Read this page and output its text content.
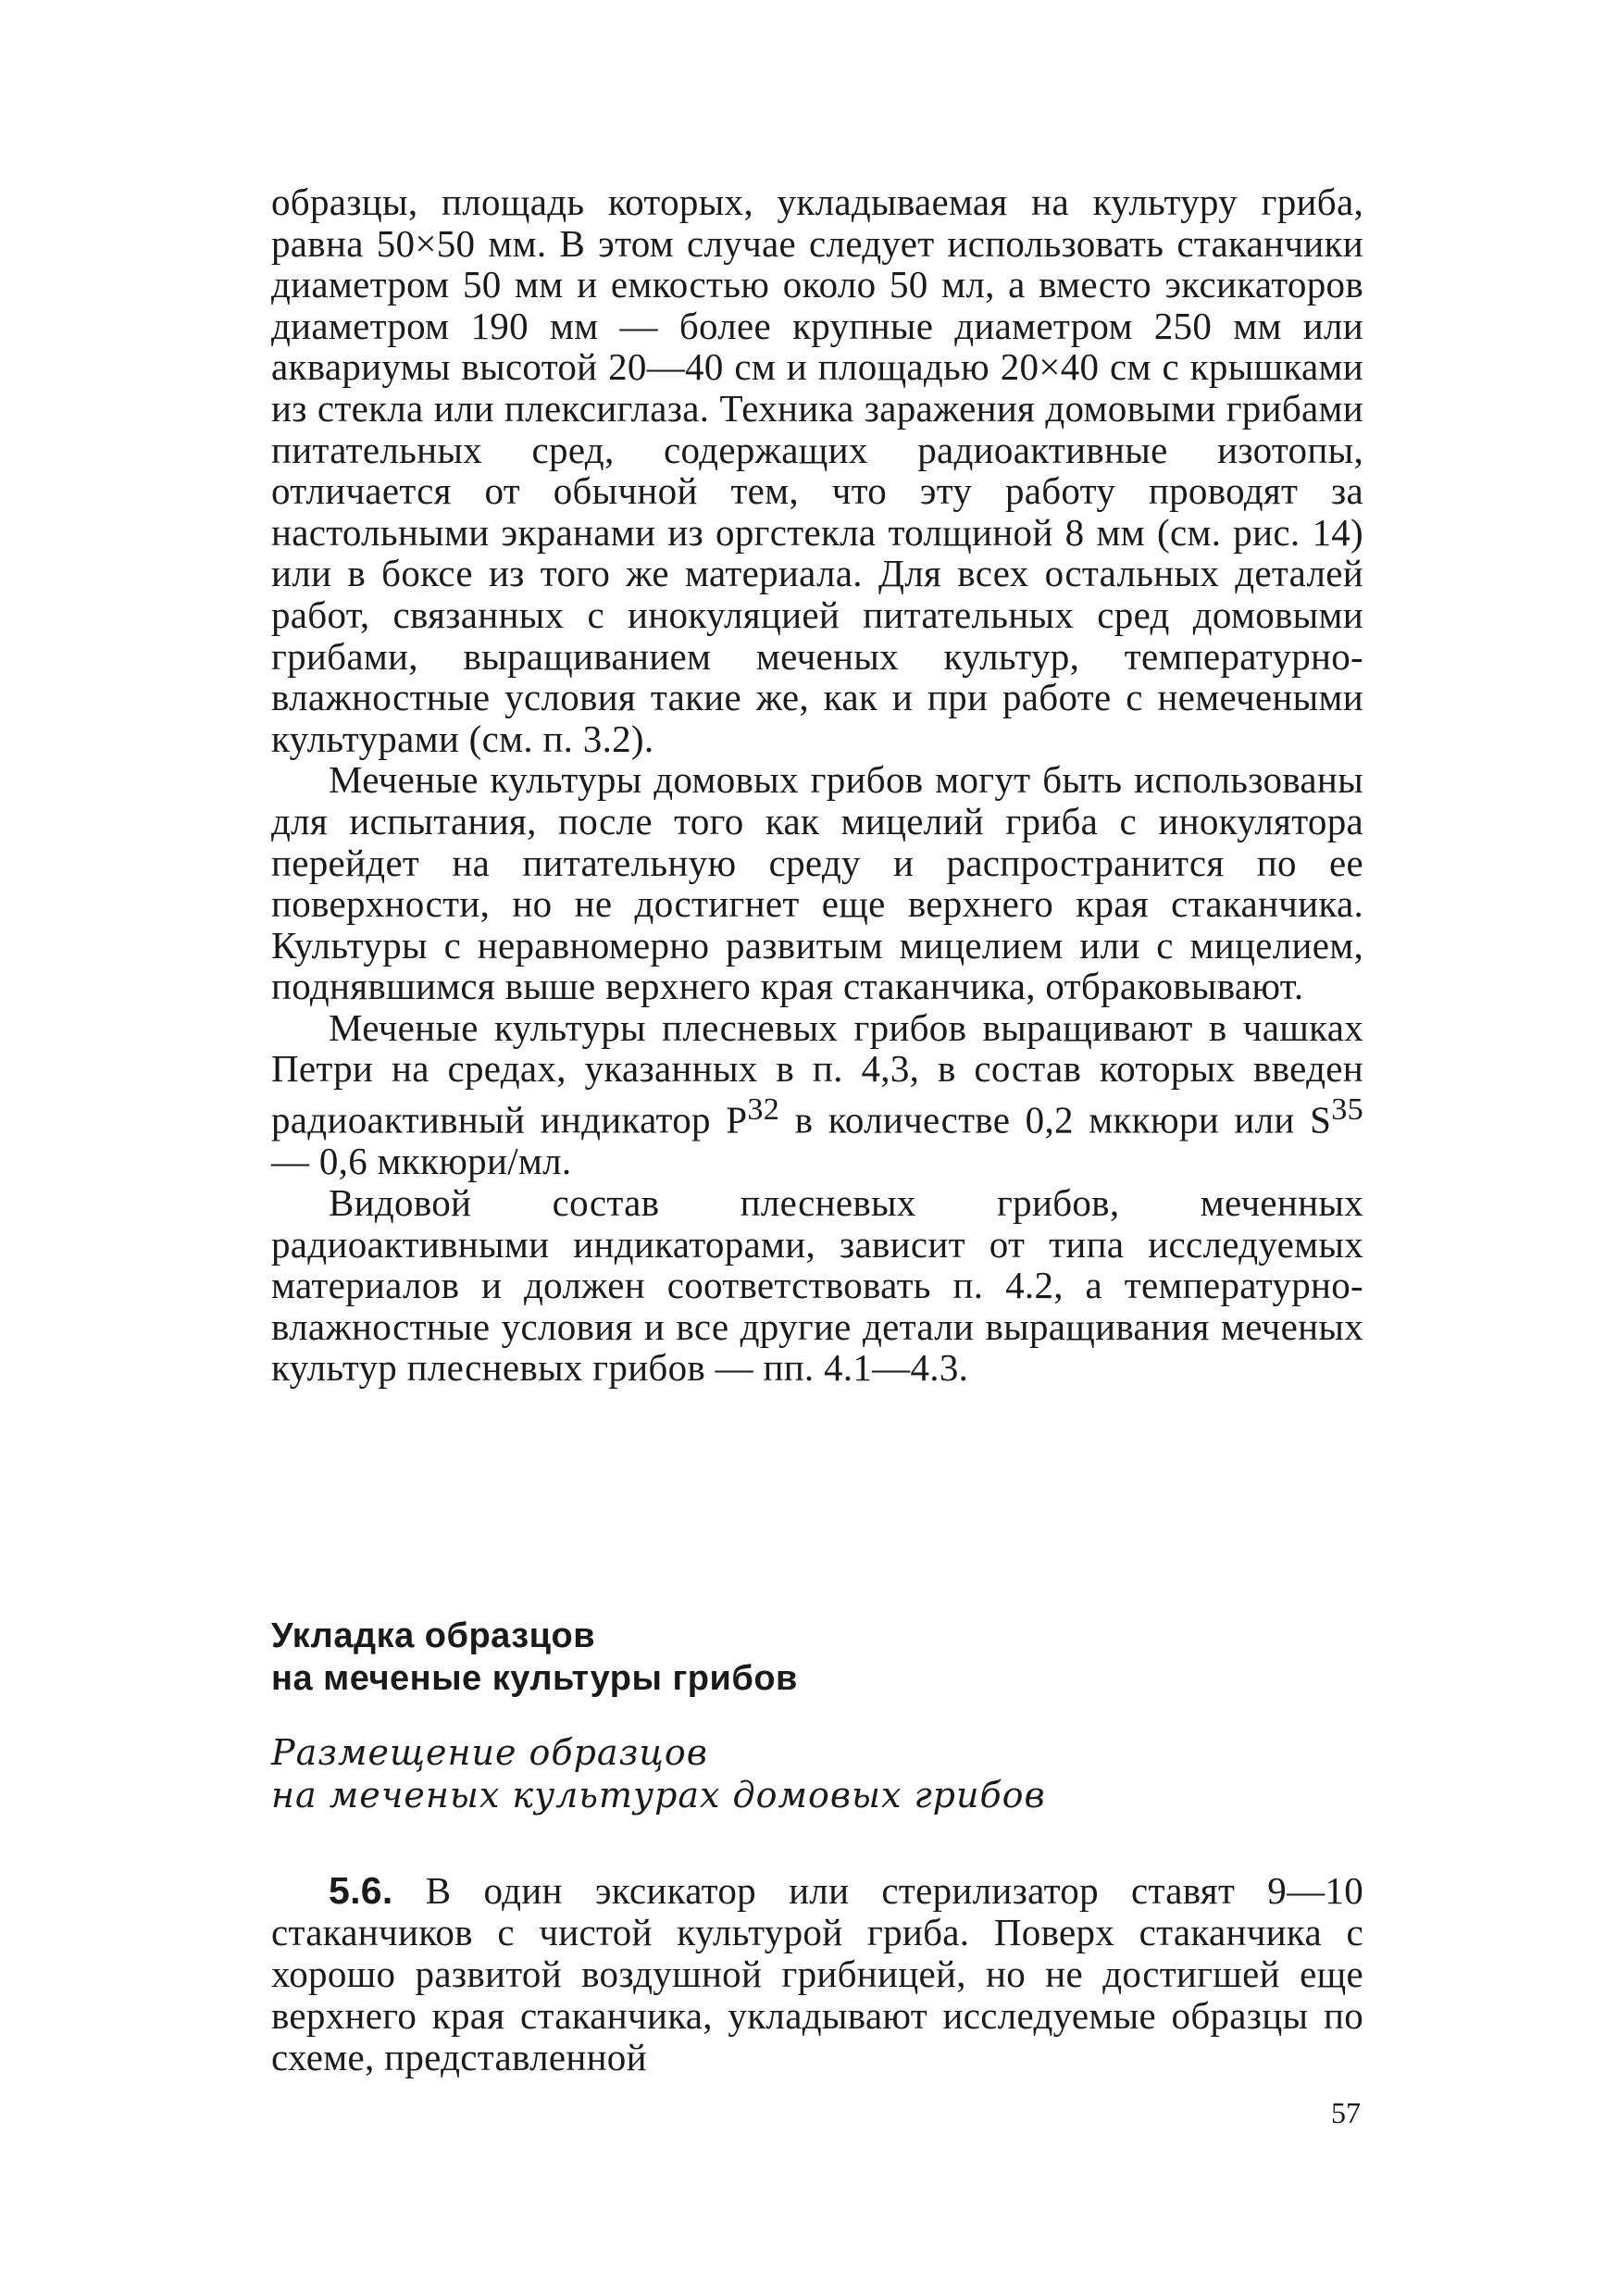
образцы, площадь которых, укладываемая на культуру гриба, равна 50×50 мм. В этом случае следует использовать стаканчики диаметром 50 мм и емкостью около 50 мл, а вместо эксикаторов диаметром 190 мм — более крупные диаметром 250 мм или аквариумы высотой 20—40 см и площадью 20×40 см с крышками из стекла или плексиглаза. Техника заражения домовыми грибами питательных сред, содержащих радиоактивные изотопы, отличается от обычной тем, что эту работу проводят за настольными экранами из оргстекла толщиной 8 мм (см. рис. 14) или в боксе из того же материала. Для всех остальных деталей работ, связанных с инокуляцией питательных сред домовыми грибами, выращиванием меченых культур, температурно-влажностные условия такие же, как и при работе с немечеными культурами (см. п. 3.2).

Меченые культуры домовых грибов могут быть использованы для испытания, после того как мицелий гриба с инокулятора перейдет на питательную среду и распространится по ее поверхности, но не достигнет еще верхнего края стаканчика. Культуры с неравномерно развитым мицелием или с мицелием, поднявшимся выше верхнего края стаканчика, отбраковывают.

Меченые культуры плесневых грибов выращивают в чашках Петри на средах, указанных в п. 4,3, в состав которых введен радиоактивный индикатор $P^{32}$ в количестве 0,2 мккюри или $S^{35}$ — 0,6 мккюри/мл.

Видовой состав плесневых грибов, меченных радиоактивными индикаторами, зависит от типа исследуемых материалов и должен соответствовать п. 4.2, а температурно-влажностные условия и все другие детали выращивания меченых культур плесневых грибов — пп. 4.1—4.3.

Укладка образцов
на меченые культуры грибов
Размещение образцов
на меченых культурах домовых грибов

5.6. В один эксикатор или стерилизатор ставят 9—10 стаканчиков с чистой культурой гриба. Поверх стаканчика с хорошо развитой воздушной грибницей, но не достигшей еще верхнего края стаканчика, укладывают исследуемые образцы по схеме, представленной

57
